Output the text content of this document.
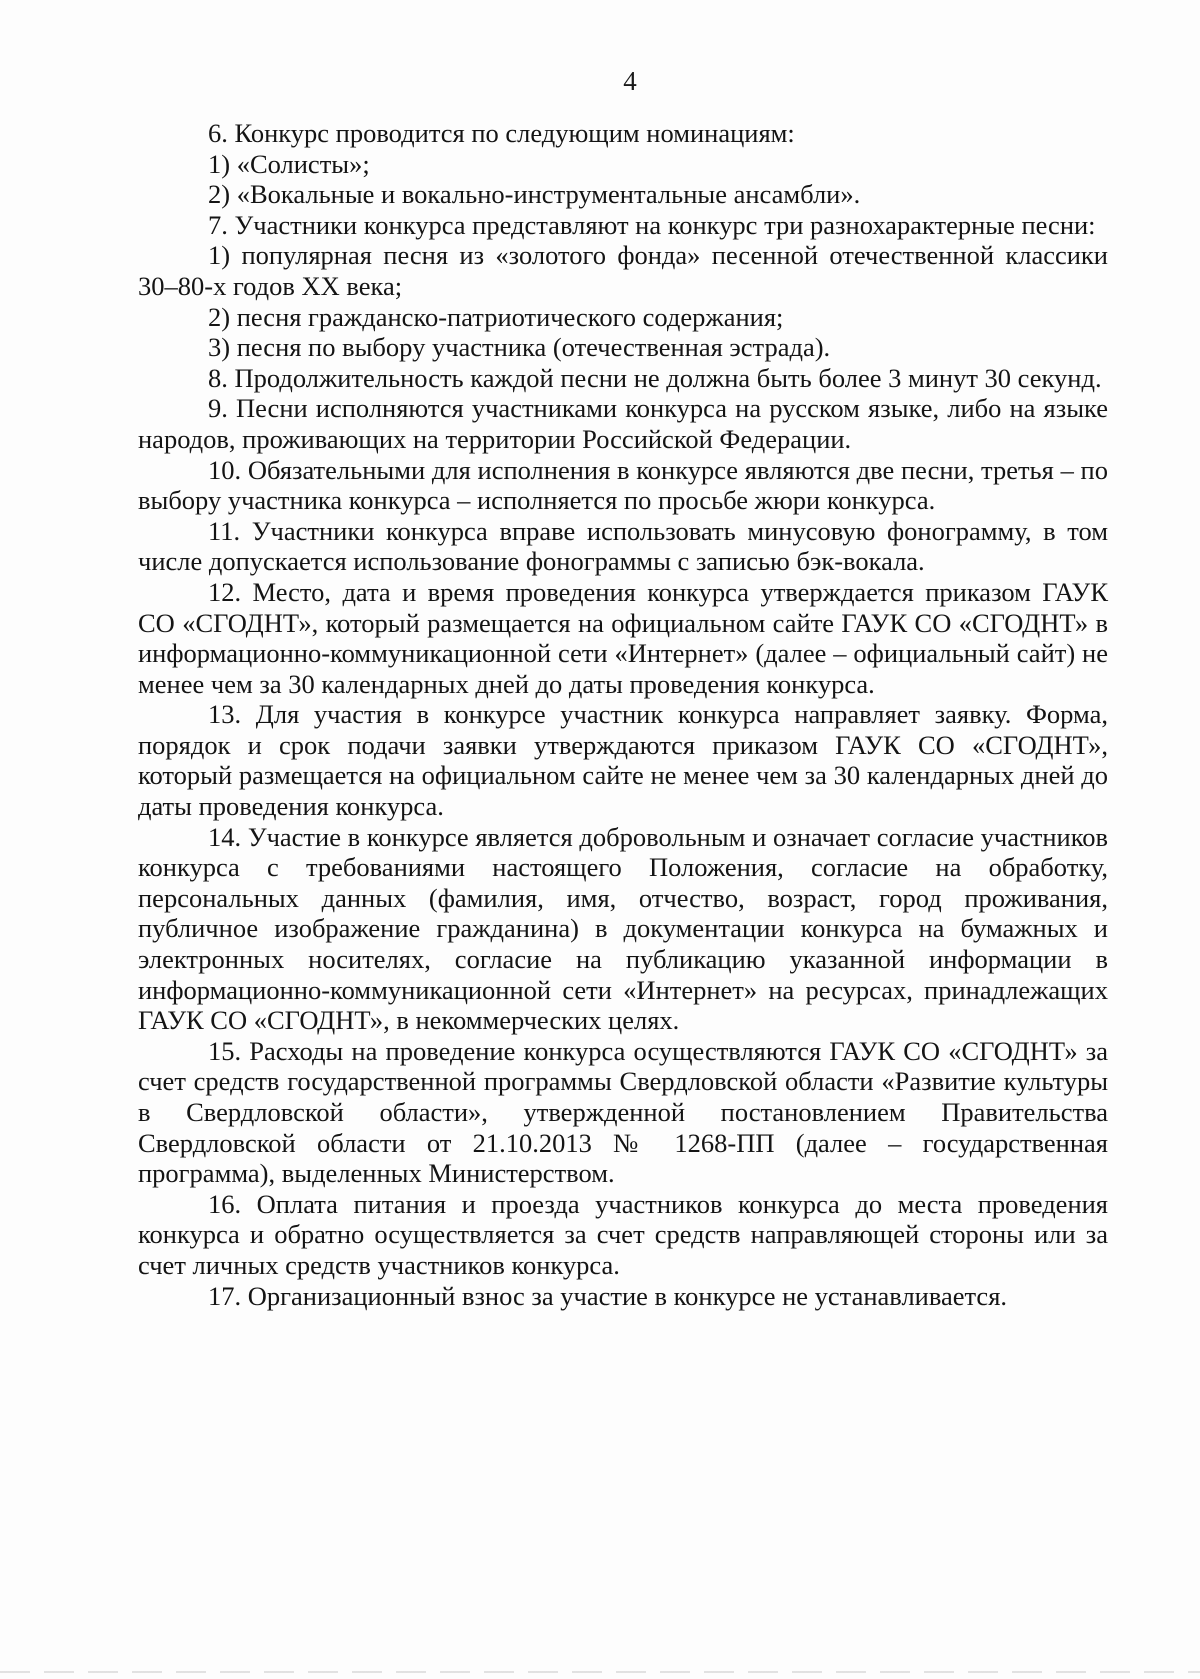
4

6. Конкурс проводится по следующим номинациям:

1) «Солисты»;

2) «Вокальные и вокально-инструментальные ансамбли».

7. Участники конкурса представляют на конкурс три разнохарактерные песни:

1) популярная песня из «золотого фонда» песенной отечественной классики 30–80-х годов XX века;

2) песня гражданско-патриотического содержания;

3) песня по выбору участника (отечественная эстрада).

8. Продолжительность каждой песни не должна быть более 3 минут 30 секунд.

9. Песни исполняются участниками конкурса на русском языке, либо на языке народов, проживающих на территории Российской Федерации.

10. Обязательными для исполнения в конкурсе являются две песни, третья – по выбору участника конкурса – исполняется по просьбе жюри конкурса.

11. Участники конкурса вправе использовать минусовую фонограмму, в том числе допускается использование фонограммы с записью бэк-вокала.

12. Место, дата и время проведения конкурса утверждается приказом ГАУК СО «СГОДНТ», который размещается на официальном сайте ГАУК СО «СГОДНТ» в информационно-коммуникационной сети «Интернет» (далее – официальный сайт) не менее чем за 30 календарных дней до даты проведения конкурса.

13. Для участия в конкурсе участник конкурса направляет заявку. Форма, порядок и срок подачи заявки утверждаются приказом ГАУК СО «СГОДНТ», который размещается на официальном сайте не менее чем за 30 календарных дней до даты проведения конкурса.

14. Участие в конкурсе является добровольным и означает согласие участников конкурса с требованиями настоящего Положения, согласие на обработку, персональных данных (фамилия, имя, отчество, возраст, город проживания, публичное изображение гражданина) в документации конкурса на бумажных и электронных носителях, согласие на публикацию указанной информации в информационно-коммуникационной сети «Интернет» на ресурсах, принадлежащих ГАУК СО «СГОДНТ», в некоммерческих целях.

15. Расходы на проведение конкурса осуществляются ГАУК СО «СГОДНТ» за счет средств государственной программы Свердловской области «Развитие культуры в Свердловской области», утвержденной постановлением Правительства Свердловской области от 21.10.2013 № 1268-ПП (далее – государственная программа), выделенных Министерством.

16. Оплата питания и проезда участников конкурса до места проведения конкурса и обратно осуществляется за счет средств направляющей стороны или за счет личных средств участников конкурса.

17. Организационный взнос за участие в конкурсе не устанавливается.
